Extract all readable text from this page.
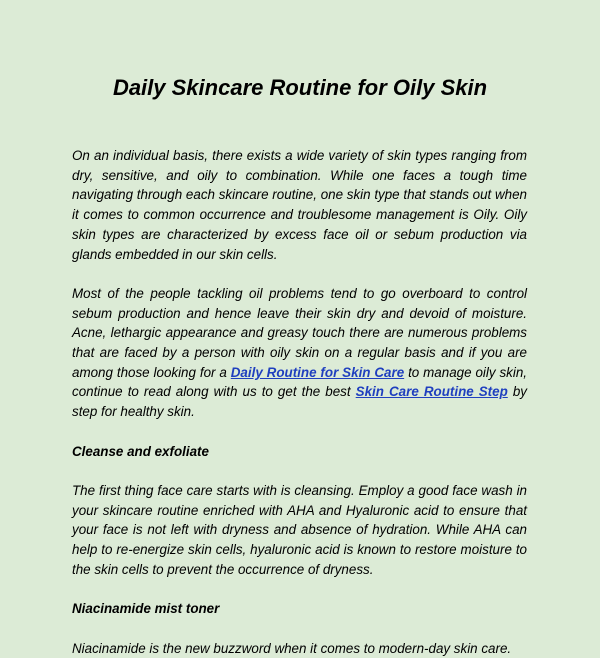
Daily Skincare Routine for Oily Skin

On an individual basis, there exists a wide variety of skin types ranging from dry, sensitive, and oily to combination. While one faces a tough time navigating through each skincare routine, one skin type that stands out when it comes to common occurrence and troublesome management is Oily. Oily skin types are characterized by excess face oil or sebum production via glands embedded in our skin cells.

Most of the people tackling oil problems tend to go overboard to control sebum production and hence leave their skin dry and devoid of moisture. Acne, lethargic appearance and greasy touch there are numerous problems that are faced by a person with oily skin on a regular basis and if you are among those looking for a Daily Routine for Skin Care to manage oily skin, continue to read along with us to get the best Skin Care Routine Step by step for healthy skin.

Cleanse and exfoliate

The first thing face care starts with is cleansing. Employ a good face wash in your skincare routine enriched with AHA and Hyaluronic acid to ensure that your face is not left with dryness and absence of hydration. While AHA can help to re-energize skin cells, hyaluronic acid is known to restore moisture to the skin cells to prevent the occurrence of dryness.

Niacinamide mist toner

Niacinamide is the new buzzword when it comes to modern-day skin care.
